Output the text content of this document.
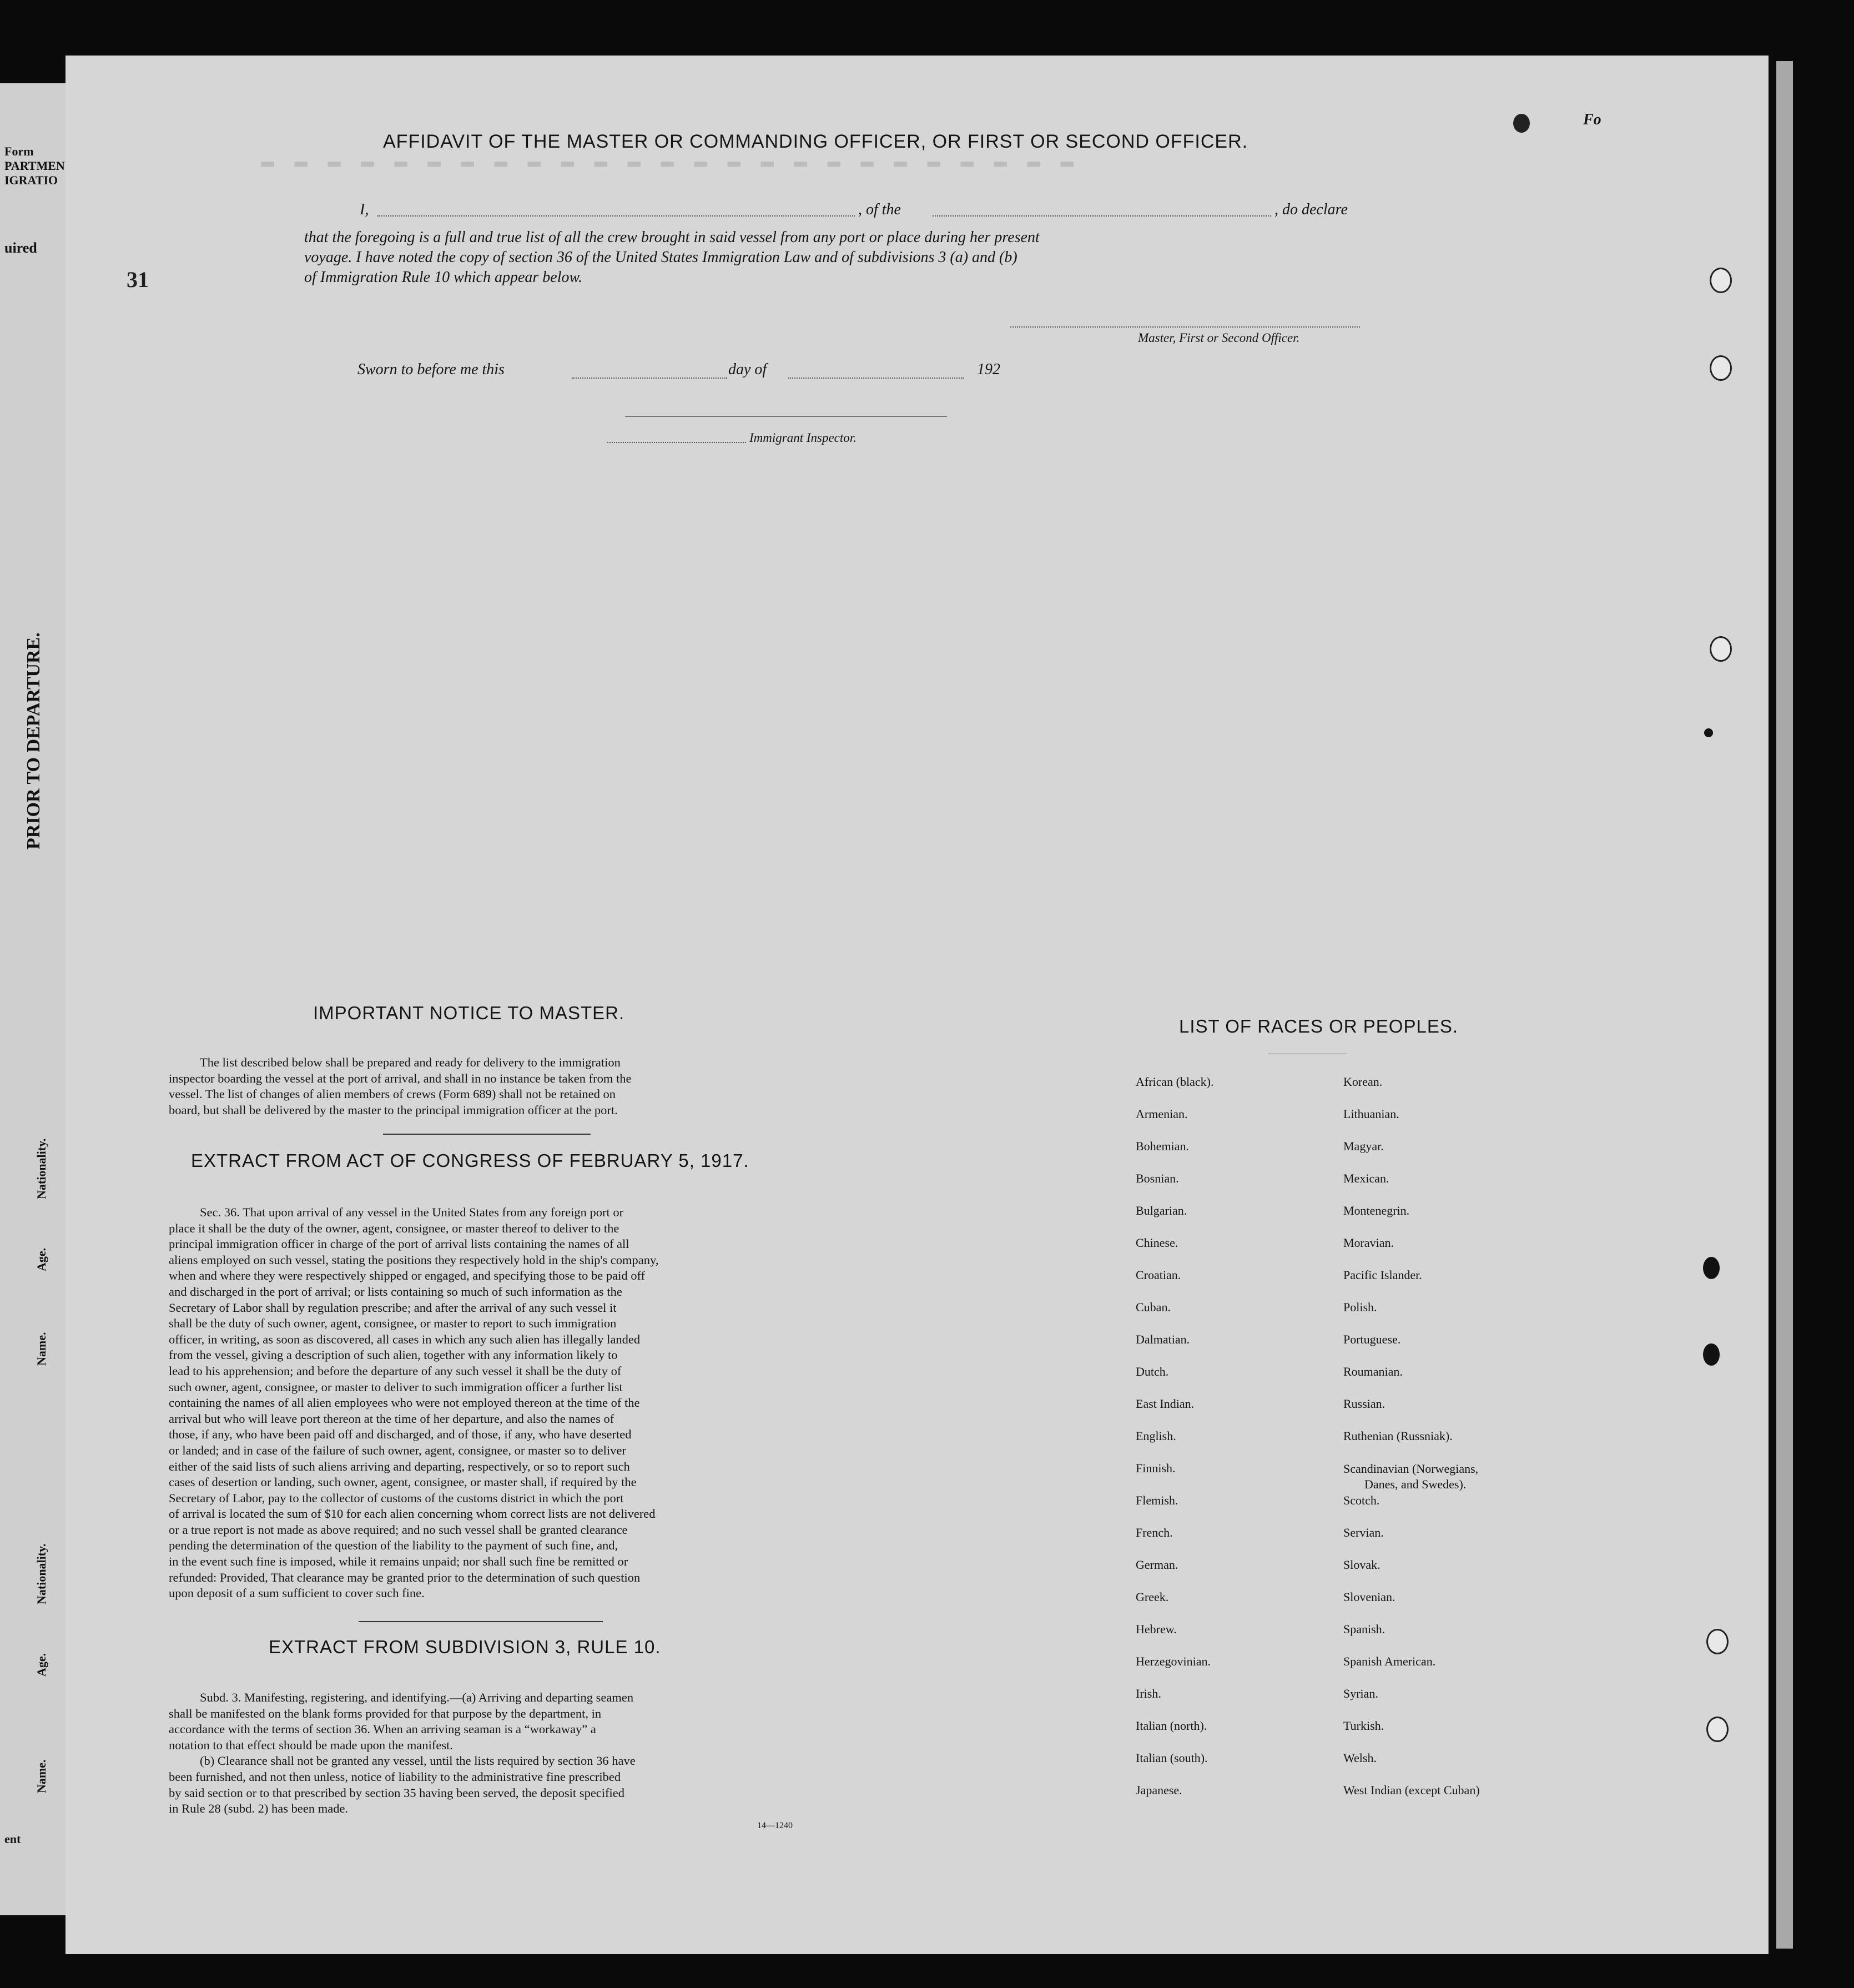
Form
PARTMEN
IGRATIO
uired
PRIOR TO DEPARTURE.
Nationality.
Age.
Name.
Nationality.
Age.
Name.
ent
▬ ▬ ▬ ▬ ▬ ▬ ▬ ▬ ▬ ▬ ▬ ▬ ▬ ▬ ▬ ▬ ▬ ▬ ▬ ▬ ▬ ▬ ▬ ▬ ▬
31
Fo
AFFIDAVIT OF THE MASTER OR COMMANDING OFFICER, OR FIRST OR SECOND OFFICER.
I,	, of the	, do declare
that the foregoing is a full and true list of all the crew brought in said vessel from any port or place during her present
voyage. I have noted the copy of section 36 of the United States Immigration Law and of subdivisions 3 (a) and (b)
of Immigration Rule 10 which appear below.
Master, First or Second Officer.
Sworn to before me this	day of	192
Immigrant Inspector.
IMPORTANT NOTICE TO MASTER.
The list described below shall be prepared and ready for delivery to the immigration
inspector boarding the vessel at the port of arrival, and shall in no instance be taken from the
vessel. The list of changes of alien members of crews (Form 689) shall not be retained on
board, but shall be delivered by the master to the principal immigration officer at the port.
EXTRACT FROM ACT OF CONGRESS OF FEBRUARY 5, 1917.
Sec. 36. That upon arrival of any vessel in the United States from any foreign port or
place it shall be the duty of the owner, agent, consignee, or master thereof to deliver to the
principal immigration officer in charge of the port of arrival lists containing the names of all
aliens employed on such vessel, stating the positions they respectively hold in the ship's company,
when and where they were respectively shipped or engaged, and specifying those to be paid off
and discharged in the port of arrival; or lists containing so much of such information as the
Secretary of Labor shall by regulation prescribe; and after the arrival of any such vessel it
shall be the duty of such owner, agent, consignee, or master to report to such immigration
officer, in writing, as soon as discovered, all cases in which any such alien has illegally landed
from the vessel, giving a description of such alien, together with any information likely to
lead to his apprehension; and before the departure of any such vessel it shall be the duty of
such owner, agent, consignee, or master to deliver to such immigration officer a further list
containing the names of all alien employees who were not employed thereon at the time of the
arrival but who will leave port thereon at the time of her departure, and also the names of
those, if any, who have been paid off and discharged, and of those, if any, who have deserted
or landed; and in case of the failure of such owner, agent, consignee, or master so to deliver
either of the said lists of such aliens arriving and departing, respectively, or so to report such
cases of desertion or landing, such owner, agent, consignee, or master shall, if required by the
Secretary of Labor, pay to the collector of customs of the customs district in which the port
of arrival is located the sum of $10 for each alien concerning whom correct lists are not delivered
or a true report is not made as above required; and no such vessel shall be granted clearance
pending the determination of the question of the liability to the payment of such fine, and,
in the event such fine is imposed, while it remains unpaid; nor shall such fine be remitted or
refunded: Provided, That clearance may be granted prior to the determination of such question
upon deposit of a sum sufficient to cover such fine.
EXTRACT FROM SUBDIVISION 3, RULE 10.
Subd. 3. Manifesting, registering, and identifying.—(a) Arriving and departing seamen
shall be manifested on the blank forms provided for that purpose by the department, in
accordance with the terms of section 36. When an arriving seaman is a “workaway” a
notation to that effect should be made upon the manifest.
(b) Clearance shall not be granted any vessel, until the lists required by section 36 have
been furnished, and not then unless, notice of liability to the administrative fine prescribed
by said section or to that prescribed by section 35 having been served, the deposit specified
in Rule 28 (subd. 2) has been made.
14—1240
LIST OF RACES OR PEOPLES.
African (black).
Armenian.
Bohemian.
Bosnian.
Bulgarian.
Chinese.
Croatian.
Cuban.
Dalmatian.
Dutch.
East Indian.
English.
Finnish.
Flemish.
French.
German.
Greek.
Hebrew.
Herzegovinian.
Irish.
Italian (north).
Italian (south).
Japanese.
Korean.
Lithuanian.
Magyar.
Mexican.
Montenegrin.
Moravian.
Pacific Islander.
Polish.
Portuguese.
Roumanian.
Russian.
Ruthenian (Russniak).
Scandinavian (Norwegians,
Danes, and Swedes).
Scotch.
Servian.
Slovak.
Slovenian.
Spanish.
Spanish American.
Syrian.
Turkish.
Welsh.
West Indian (except Cuban)
